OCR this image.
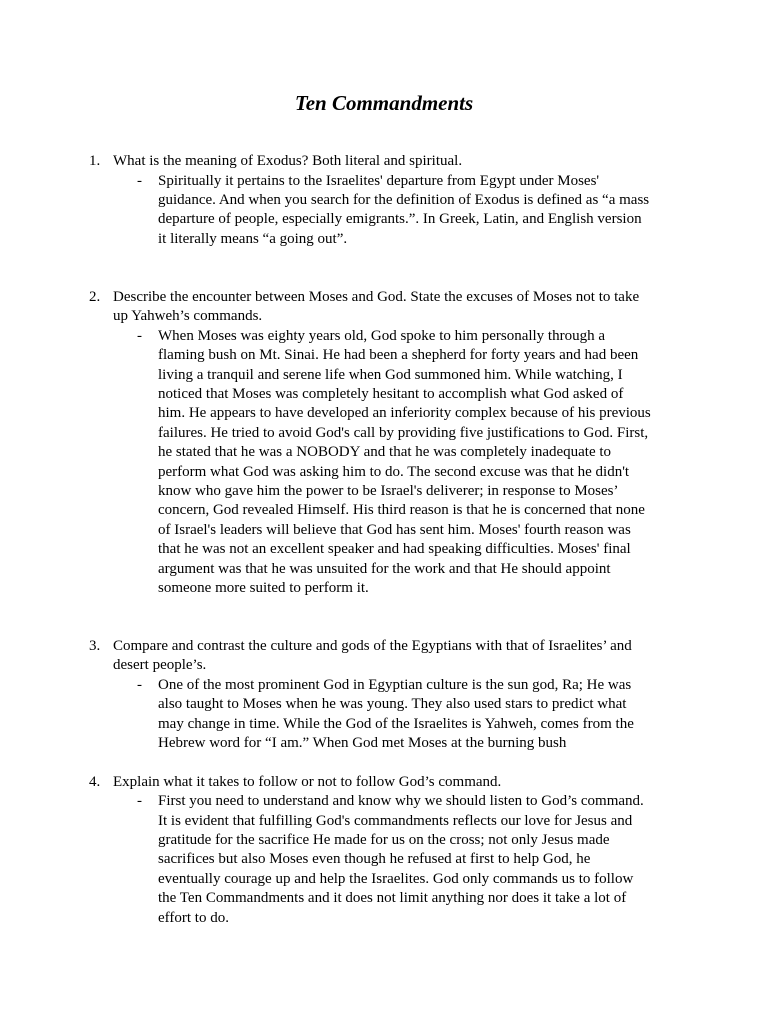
Ten Commandments
1. What is the meaning of Exodus? Both literal and spiritual.
- Spiritually it pertains to the Israelites' departure from Egypt under Moses'
guidance. And when you search for the definition of Exodus is defined as “a mass
departure of people, especially emigrants.”. In Greek, Latin, and English version
it literally means “a going out”.
2. Describe the encounter between Moses and God. State the excuses of Moses not to take
up Yahweh’s commands.
- When Moses was eighty years old, God spoke to him personally through a
flaming bush on Mt. Sinai. He had been a shepherd for forty years and had been
living a tranquil and serene life when God summoned him. While watching, I
noticed that Moses was completely hesitant to accomplish what God asked of
him. He appears to have developed an inferiority complex because of his previous
failures. He tried to avoid God's call by providing five justifications to God. First,
he stated that he was a NOBODY and that he was completely inadequate to
perform what God was asking him to do. The second excuse was that he didn't
know who gave him the power to be Israel's deliverer; in response to Moses’
concern, God revealed Himself. His third reason is that he is concerned that none
of Israel's leaders will believe that God has sent him. Moses' fourth reason was
that he was not an excellent speaker and had speaking difficulties. Moses' final
argument was that he was unsuited for the work and that He should appoint
someone more suited to perform it.
3. Compare and contrast the culture and gods of the Egyptians with that of Israelites’ and
desert people’s.
- One of the most prominent God in Egyptian culture is the sun god, Ra; He was
also taught to Moses when he was young. They also used stars to predict what
may change in time. While the God of the Israelites is Yahweh, comes from the
Hebrew word for “I am.” When God met Moses at the burning bush
4. Explain what it takes to follow or not to follow God’s command.
- First you need to understand and know why we should listen to God’s command.
It is evident that fulfilling God's commandments reflects our love for Jesus and
gratitude for the sacrifice He made for us on the cross; not only Jesus made
sacrifices but also Moses even though he refused at first to help God, he
eventually courage up and help the Israelites. God only commands us to follow
the Ten Commandments and it does not limit anything nor does it take a lot of
effort to do.
